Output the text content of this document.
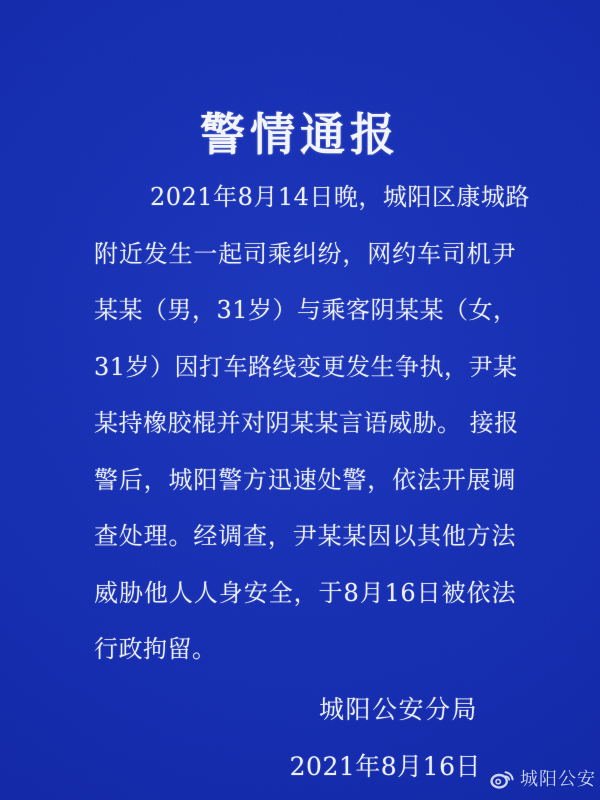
警情通报
2021年8月14日晚，城阳区康城路
附近发生一起司乘纠纷，网约车司机尹
某某（男，31岁）与乘客阴某某（女，
31岁）因打车路线变更发生争执，尹某
某持橡胶棍并对阴某某言语威胁。 接报
警后，城阳警方迅速处警，依法开展调
查处理。经调查，尹某某因以其他方法
威胁他人人身安全，于8月16日被依法
行政拘留。
城阳公安分局
2021年8月16日 城阳公安
